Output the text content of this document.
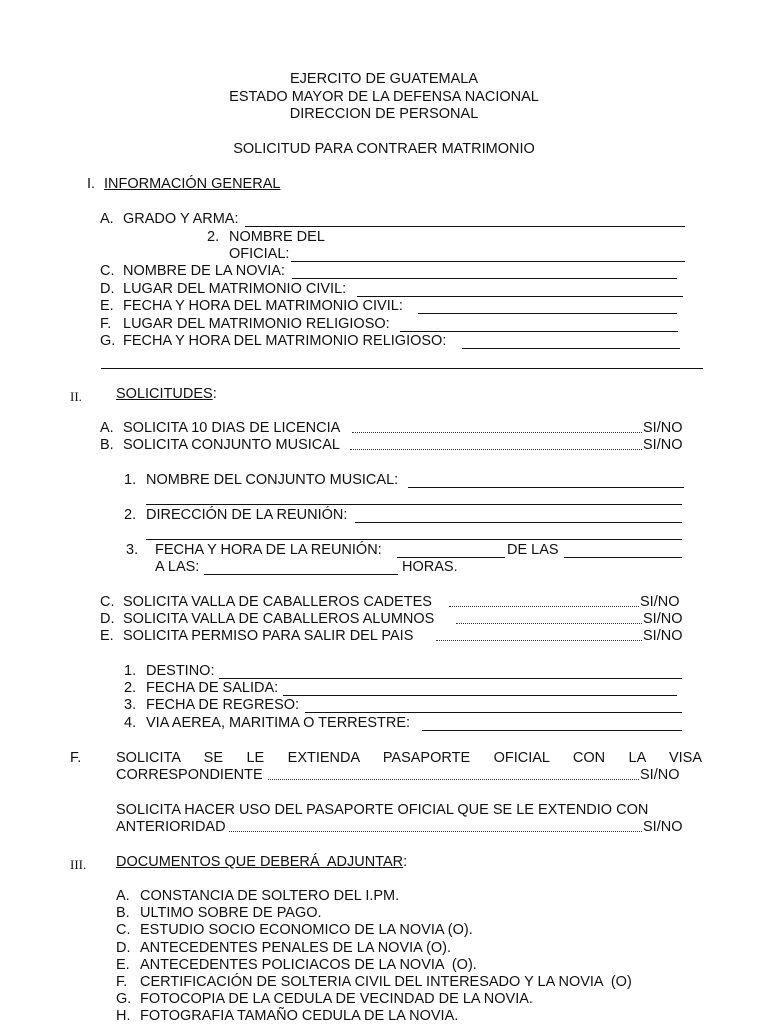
EJERCITO DE GUATEMALA
ESTADO MAYOR DE LA DEFENSA NACIONAL
DIRECCION DE PERSONAL
SOLICITUD PARA CONTRAER MATRIMONIO
I. INFORMACIÓN GENERAL
A. GRADO Y ARMA:
2. NOMBRE DEL
OFICIAL:
C. NOMBRE DE LA NOVIA:
D. LUGAR DEL MATRIMONIO CIVIL:
E. FECHA Y HORA DEL MATRIMONIO CIVIL:
F. LUGAR DEL MATRIMONIO RELIGIOSO:
G. FECHA Y HORA DEL MATRIMONIO RELIGIOSO:
II. SOLICITUDES:
A. SOLICITA 10 DIAS DE LICENCIA	SI/NO
B. SOLICITA CONJUNTO MUSICAL	SI/NO
1. NOMBRE DEL CONJUNTO MUSICAL:
2. DIRECCIÓN DE LA REUNIÓN:
3. FECHA Y HORA DE LA REUNIÓN:	DE LAS
A LAS:	HORAS.
C. SOLICITA VALLA DE CABALLEROS CADETES	SI/NO
D. SOLICITA VALLA DE CABALLEROS ALUMNOS	SI/NO
E. SOLICITA PERMISO PARA SALIR DEL PAIS	SI/NO
1. DESTINO:
2. FECHA DE SALIDA:
3. FECHA DE REGRESO:
4. VIA AEREA, MARITIMA O TERRESTRE:
F. SOLICITA SE LE EXTIENDA PASAPORTE OFICIAL CON LA VISA
CORRESPONDIENTE	SI/NO
SOLICITA HACER USO DEL PASAPORTE OFICIAL QUE SE LE EXTENDIO CON
ANTERIORIDAD	SI/NO
III. DOCUMENTOS QUE DEBERÁ  ADJUNTAR:
A. CONSTANCIA DE SOLTERO DEL I.PM.
B. ULTIMO SOBRE DE PAGO.
C. ESTUDIO SOCIO ECONOMICO DE LA NOVIA (O).
D. ANTECEDENTES PENALES DE LA NOVIA (O).
E. ANTECEDENTES POLICIACOS DE LA NOVIA  (O).
F. CERTIFICACIÓN DE SOLTERIA CIVIL DEL INTERESADO Y LA NOVIA  (O)
G. FOTOCOPIA DE LA CEDULA DE VECINDAD DE LA NOVIA.
H. FOTOGRAFIA TAMAÑO CEDULA DE LA NOVIA.
